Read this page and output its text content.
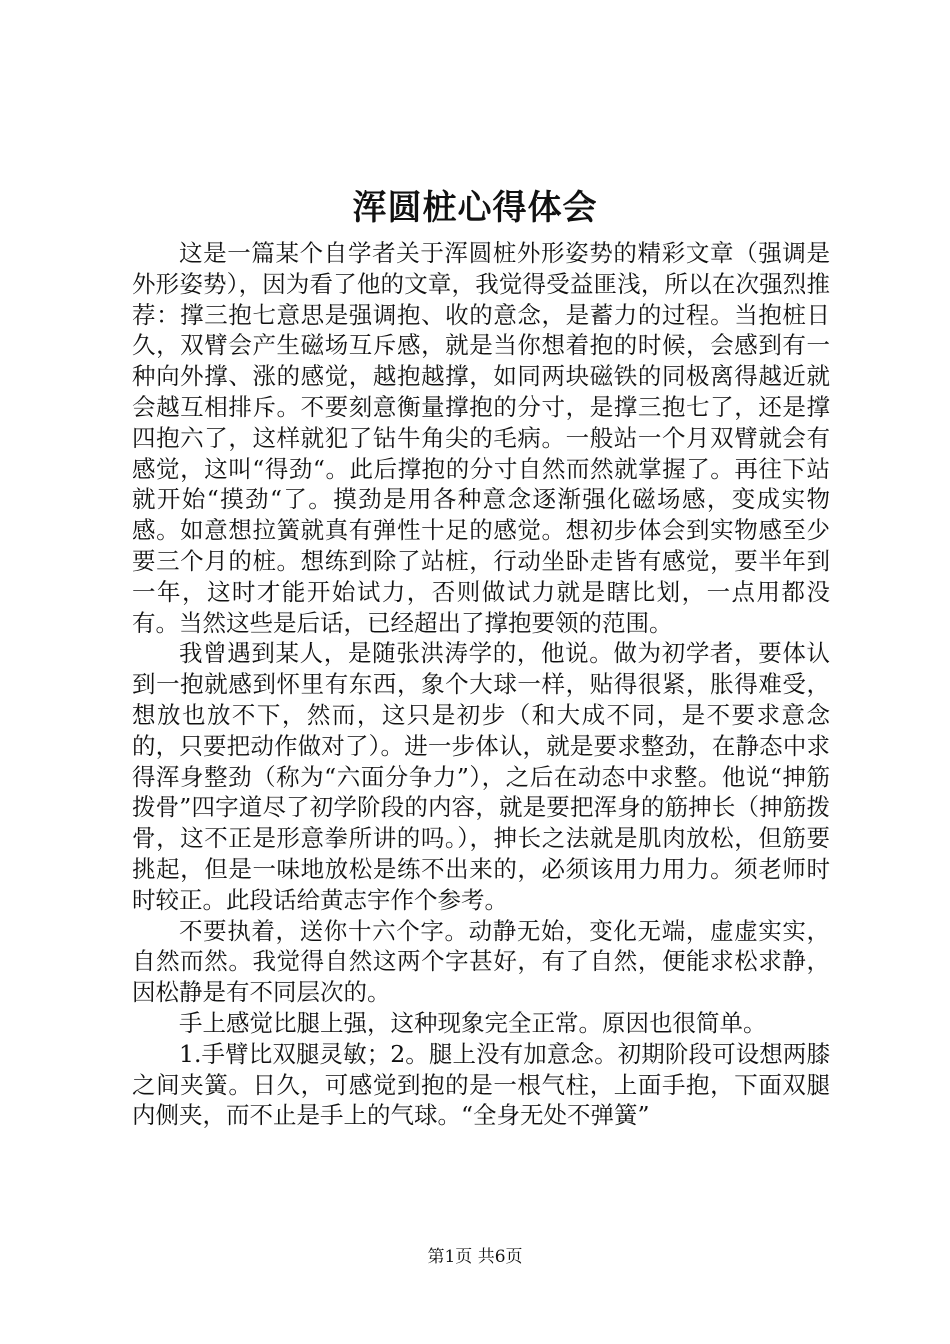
浑圆桩心得体会

这是一篇某个自学者关于浑圆桩外形姿势的精彩文章（强调是外形姿势），因为看了他的文章，我觉得受益匪浅，所以在次强烈推荐：撑三抱七意思是强调抱、收的意念，是蓄力的过程。当抱桩日久，双臂会产生磁场互斥感，就是当你想着抱的时候，会感到有一种向外撑、涨的感觉，越抱越撑，如同两块磁铁的同极离得越近就会越互相排斥。不要刻意衡量撑抱的分寸，是撑三抱七了，还是撑四抱六了，这样就犯了钻牛角尖的毛病。一般站一个月双臂就会有感觉，这叫“得劲“。此后撑抱的分寸自然而然就掌握了。再往下站就开始“摸劲“了。摸劲是用各种意念逐渐强化磁场感，变成实物感。如意想拉簧就真有弹性十足的感觉。想初步体会到实物感至少要三个月的桩。想练到除了站桩，行动坐卧走皆有感觉，要半年到一年，这时才能开始试力，否则做试力就是瞎比划，一点用都没有。当然这些是后话，已经超出了撑抱要领的范围。

我曾遇到某人，是随张洪涛学的，他说。做为初学者，要体认到一抱就感到怀里有东西，象个大球一样，贴得很紧，胀得难受，想放也放不下，然而，这只是初步（和大成不同，是不要求意念的，只要把动作做对了）。进一步体认，就是要求整劲，在静态中求得浑身整劲（称为“六面分争力”），之后在动态中求整。他说“抻筋拨骨”四字道尽了初学阶段的内容，就是要把浑身的筋抻长（抻筋拨骨，这不正是形意拳所讲的吗。），抻长之法就是肌肉放松，但筋要挑起，但是一味地放松是练不出来的，必须该用力用力。须老师时时较正。此段话给黄志宇作个参考。

不要执着，送你十六个字。动静无始，变化无端，虚虚实实，自然而然。我觉得自然这两个字甚好，有了自然，便能求松求静，因松静是有不同层次的。

手上感觉比腿上强，这种现象完全正常。原因也很简单。

1.手臂比双腿灵敏；2。腿上没有加意念。初期阶段可设想两膝之间夹簧。日久，可感觉到抱的是一根气柱，上面手抱，下面双腿内侧夹，而不止是手上的气球。“全身无处不弹簧”

第1页 共6页
